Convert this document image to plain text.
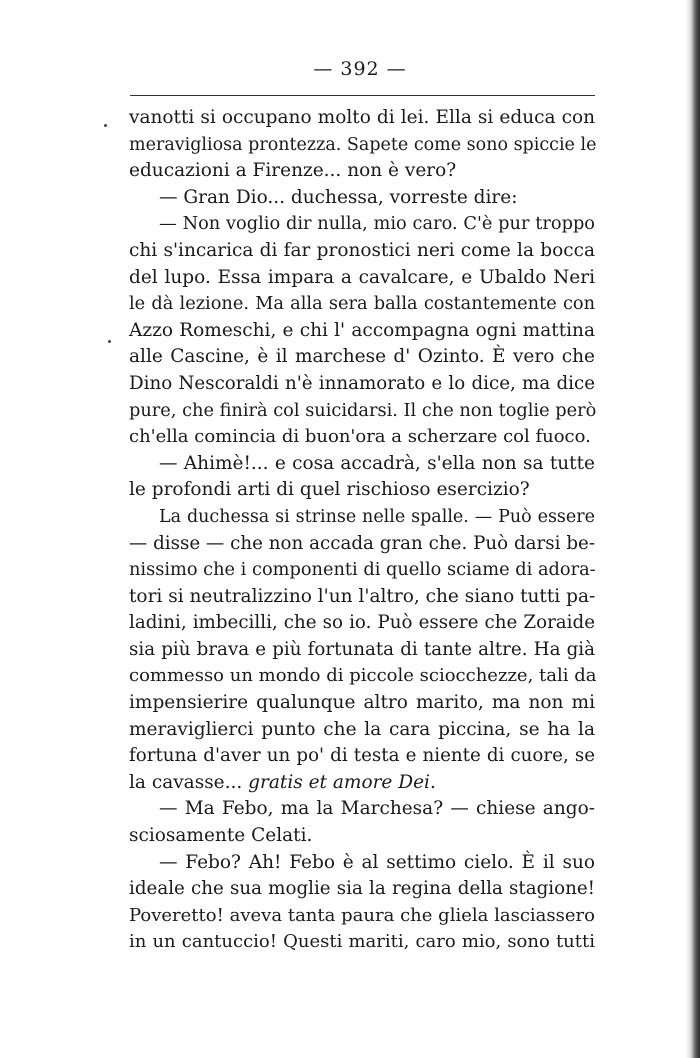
— 392 —
vanotti si occupano molto di lei. Ella si educa con
meravigliosa prontezza. Sapete come sono spiccie le
educazioni a Firenze... non è vero?
— Gran Dio... duchessa, vorreste dire:
— Non voglio dir nulla, mio caro. C'è pur troppo
chi s'incarica di far pronostici neri come la bocca
del lupo. Essa impara a cavalcare, e Ubaldo Neri
le dà lezione. Ma alla sera balla costantemente con
Azzo Romeschi, e chi l' accompagna ogni mattina
alle Cascine, è il marchese d' Ozinto. È vero che
Dino Nescoraldi n'è innamorato e lo dice, ma dice
pure, che finirà col suicidarsi. Il che non toglie però
ch'ella comincia di buon'ora a scherzare col fuoco.
— Ahimè!... e cosa accadrà, s'ella non sa tutte
le profondi arti di quel rischioso esercizio?
La duchessa si strinse nelle spalle. — Può essere
— disse — che non accada gran che. Può darsi be-
nissimo che i componenti di quello sciame di adora-
tori si neutralizzino l'un l'altro, che siano tutti pa-
ladini, imbecilli, che so io. Può essere che Zoraide
sia più brava e più fortunata di tante altre. Ha già
commesso un mondo di piccole sciocchezze, tali da
impensierire qualunque altro marito, ma non mi
meraviglierci punto che la cara piccina, se ha la
fortuna d'aver un po' di testa e niente di cuore, se
la cavasse... gratis et amore Dei.
— Ma Febo, ma la Marchesa? — chiese ango-
sciosamente Celati.
— Febo? Ah! Febo è al settimo cielo. È il suo
ideale che sua moglie sia la regina della stagione!
Poveretto! aveva tanta paura che gliela lasciassero
in un cantuccio! Questi mariti, caro mio, sono tutti
